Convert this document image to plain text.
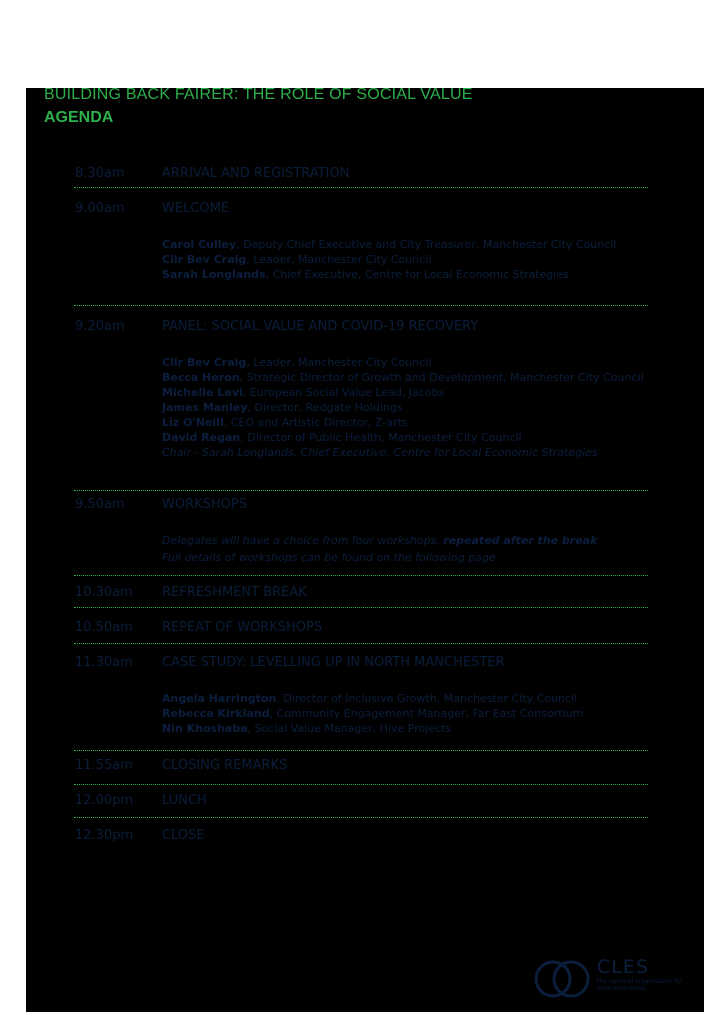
BUILDING BACK FAIRER: THE ROLE OF SOCIAL VALUE
AGENDA
8.30am	ARRIVAL AND REGISTRATION
9.00am	WELCOME
Carol Culley, Deputy Chief Executive and City Treasurer, Manchester City Council
Cllr Bev Craig, Leader, Manchester City Council
Sarah Longlands, Chief Executive, Centre for Local Economic Strategies
9.20am	PANEL: SOCIAL VALUE AND COVID-19 RECOVERY
Cllr Bev Craig, Leader, Manchester City Council
Becca Heron, Strategic Director of Growth and Development, Manchester City Council
Michelle Levi, European Social Value Lead, Jacobs
James Manley, Director, Redgate Holdings
Liz O'Neill, CEO and Artistic Director, Z-arts
David Regan, Director of Public Health, Manchester City Council
Chair - Sarah Longlands, Chief Executive, Centre for Local Economic Strategies
9.50am	WORKSHOPS
Delegates will have a choice from four workshops, repeated after the break
Full details of workshops can be found on the following page
10.30am REFRESHMENT BREAK
10.50am REPEAT OF WORKSHOPS
11.30am CASE STUDY: LEVELLING UP IN NORTH MANCHESTER
Angela Harrington, Director of Inclusive Growth, Manchester City Council
Rebecca Kirkland, Community Engagement Manager, Far East Consortium
Nin Khoshaba, Social Value Manager, Hive Projects
11.55am CLOSING REMARKS
12.00pm LUNCH
12.30pm CLOSE
CLES
the national organisation for local economies
